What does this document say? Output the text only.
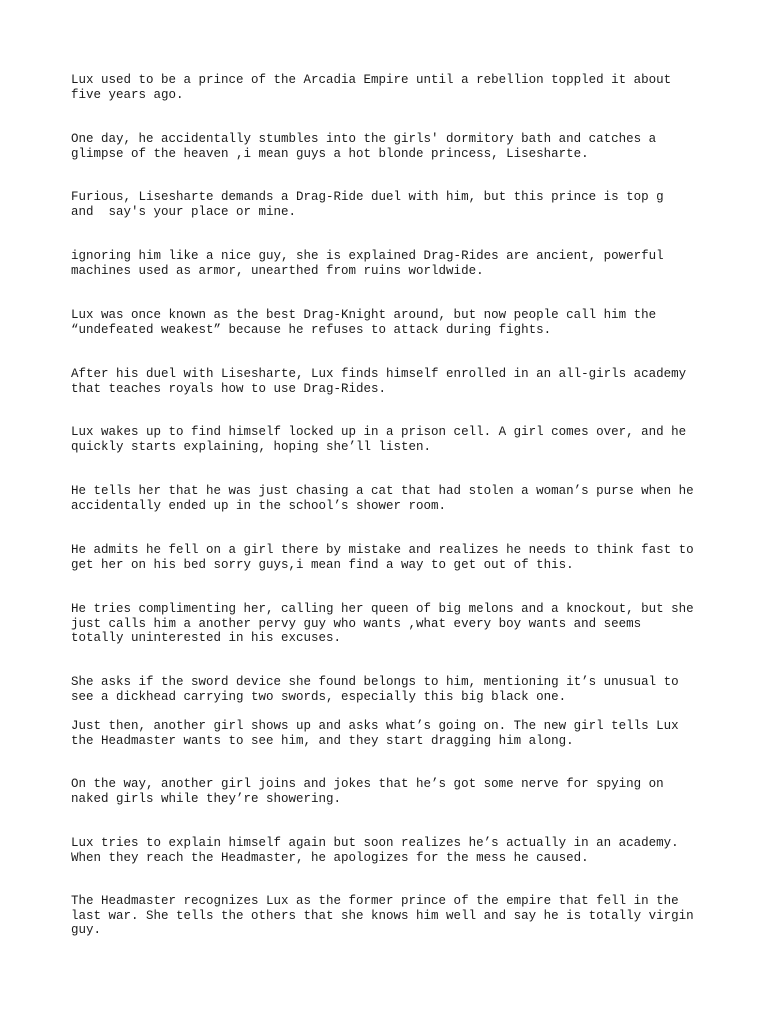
Lux used to be a prince of the Arcadia Empire until a rebellion toppled it about
five years ago.

One day, he accidentally stumbles into the girls' dormitory bath and catches a
glimpse of the heaven ,i mean guys a hot blonde princess, Lisesharte.

Furious, Lisesharte demands a Drag-Ride duel with him, but this prince is top g
and  say's your place or mine.

ignoring him like a nice guy, she is explained Drag-Rides are ancient, powerful
machines used as armor, unearthed from ruins worldwide.

Lux was once known as the best Drag-Knight around, but now people call him the
“undefeated weakest” because he refuses to attack during fights.

After his duel with Lisesharte, Lux finds himself enrolled in an all-girls academy
that teaches royals how to use Drag-Rides.

Lux wakes up to find himself locked up in a prison cell. A girl comes over, and he
quickly starts explaining, hoping she’ll listen.

He tells her that he was just chasing a cat that had stolen a woman’s purse when he
accidentally ended up in the school’s shower room.

He admits he fell on a girl there by mistake and realizes he needs to think fast to
get her on his bed sorry guys,i mean find a way to get out of this.

He tries complimenting her, calling her queen of big melons and a knockout, but she
just calls him a another pervy guy who wants ,what every boy wants and seems
totally uninterested in his excuses.

She asks if the sword device she found belongs to him, mentioning it’s unusual to
see a dickhead carrying two swords, especially this big black one.

Just then, another girl shows up and asks what’s going on. The new girl tells Lux
the Headmaster wants to see him, and they start dragging him along.

On the way, another girl joins and jokes that he’s got some nerve for spying on
naked girls while they’re showering.

Lux tries to explain himself again but soon realizes he’s actually in an academy.
When they reach the Headmaster, he apologizes for the mess he caused.

The Headmaster recognizes Lux as the former prince of the empire that fell in the
last war. She tells the others that she knows him well and say he is totally virgin
guy.
